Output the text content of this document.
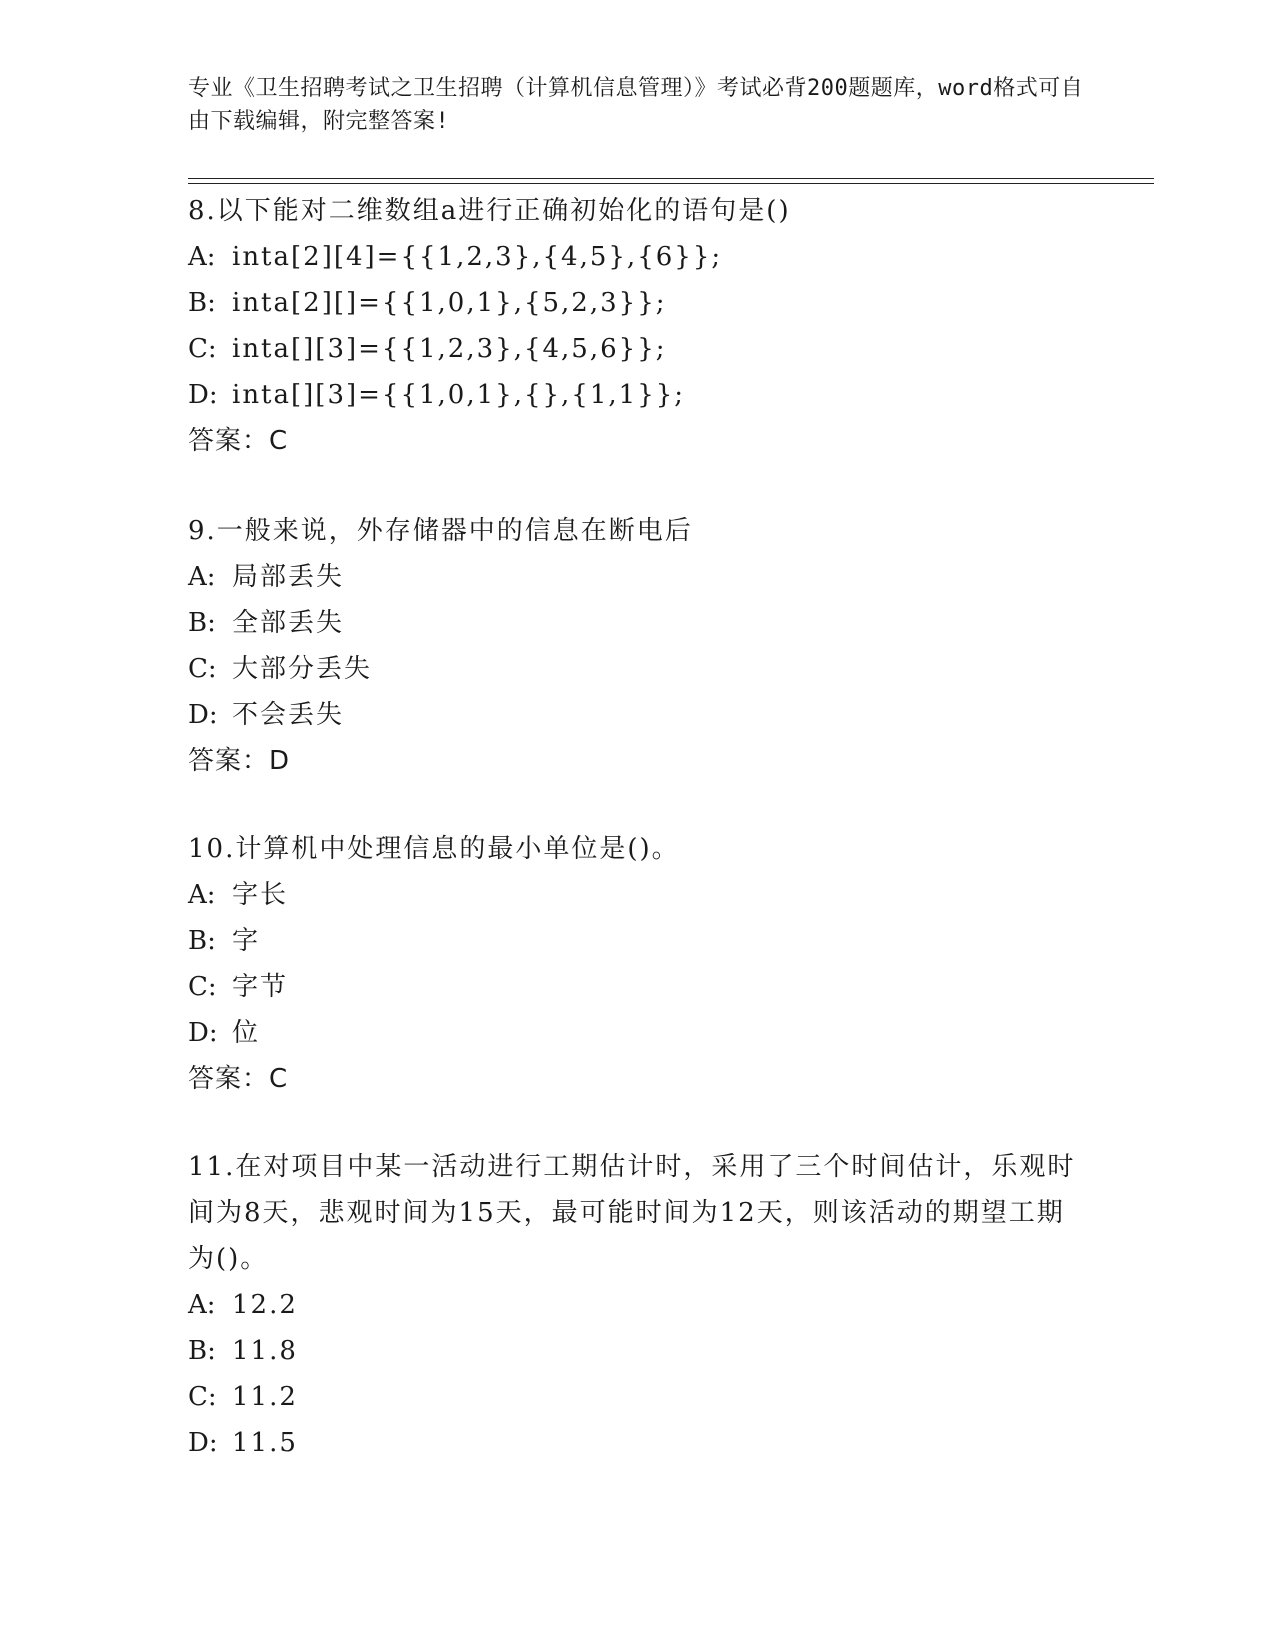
专业《卫生招聘考试之卫生招聘（计算机信息管理）》考试必背200题题库，word格式可自由下载编辑，附完整答案!
8.以下能对二维数组a进行正确初始化的语句是()
A: inta[2][4]={{1,2,3},{4,5},{6}};
B: inta[2][]={{1,0,1},{5,2,3}};
C: inta[][3]={{1,2,3},{4,5,6}};
D: inta[][3]={{1,0,1},{},{1,1}};
答案：C
9.一般来说，外存储器中的信息在断电后
A: 局部丢失
B: 全部丢失
C: 大部分丢失
D: 不会丢失
答案：D
10.计算机中处理信息的最小单位是()。
A: 字长
B: 字
C: 字节
D: 位
答案：C
11.在对项目中某一活动进行工期估计时，采用了三个时间估计，乐观时间为8天，悲观时间为15天，最可能时间为12天，则该活动的期望工期为()。
A: 12.2
B: 11.8
C: 11.2
D: 11.5
